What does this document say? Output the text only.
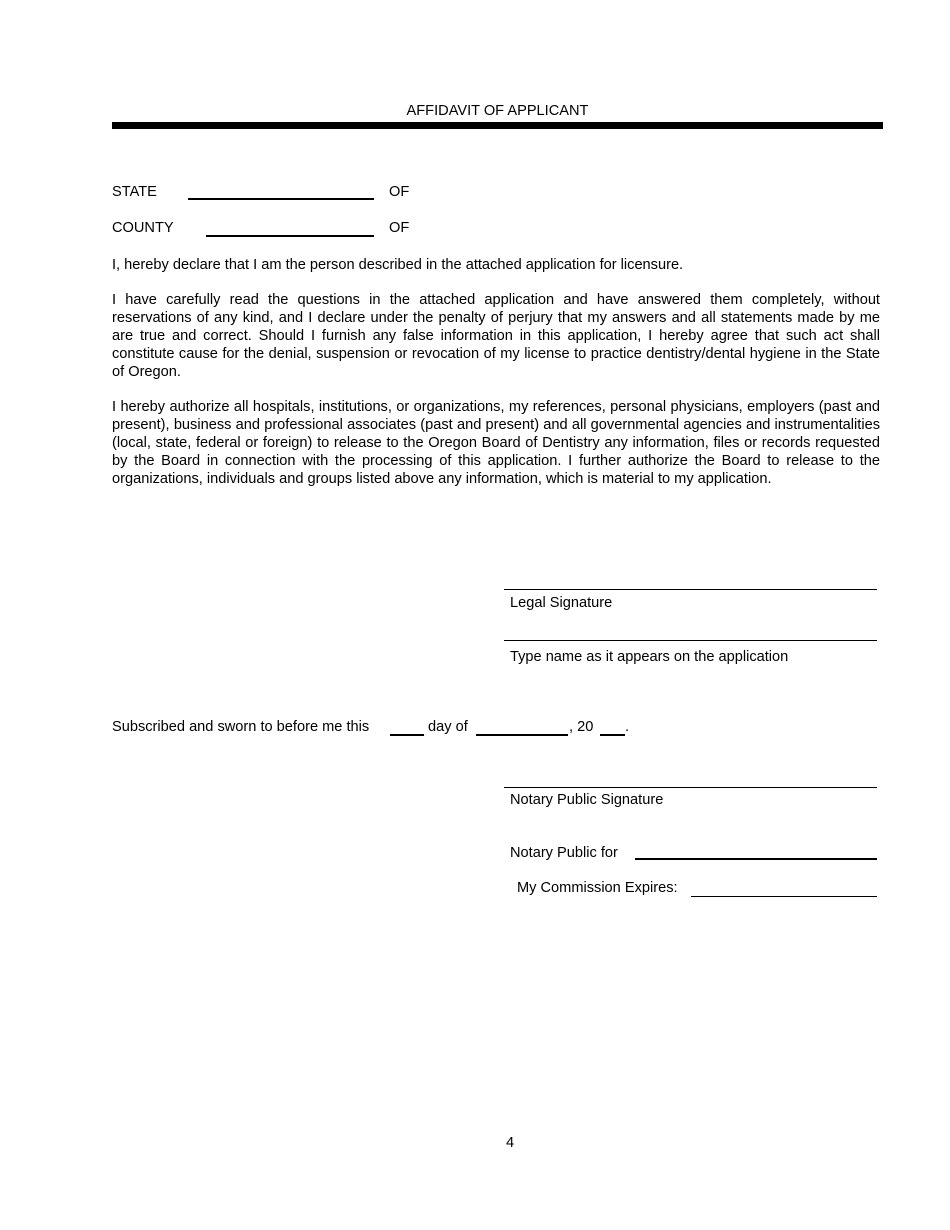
AFFIDAVIT OF APPLICANT
STATE	OF
COUNTY	OF

I, hereby declare that I am the person described in the attached application for licensure.

I have carefully read the questions in the attached application and have answered them completely, without reservations of any kind, and I declare under the penalty of perjury that my answers and all statements made by me are true and correct. Should I furnish any false information in this application, I hereby agree that such act shall constitute cause for the denial, suspension or revocation of my license to practice dentistry/dental hygiene in the State of Oregon.

I hereby authorize all hospitals, institutions, or organizations, my references, personal physicians, employers (past and present), business and professional associates (past and present) and all governmental agencies and instrumentalities (local, state, federal or foreign) to release to the Oregon Board of Dentistry any information, files or records requested by the Board in connection with the processing of this application. I further authorize the Board to release to the organizations, individuals and groups listed above any information, which is material to my application.

Legal Signature
Type name as it appears on the application
Subscribed and sworn to before me this	day of	, 20 .
Notary Public Signature
Notary Public for
My Commission Expires:
4
